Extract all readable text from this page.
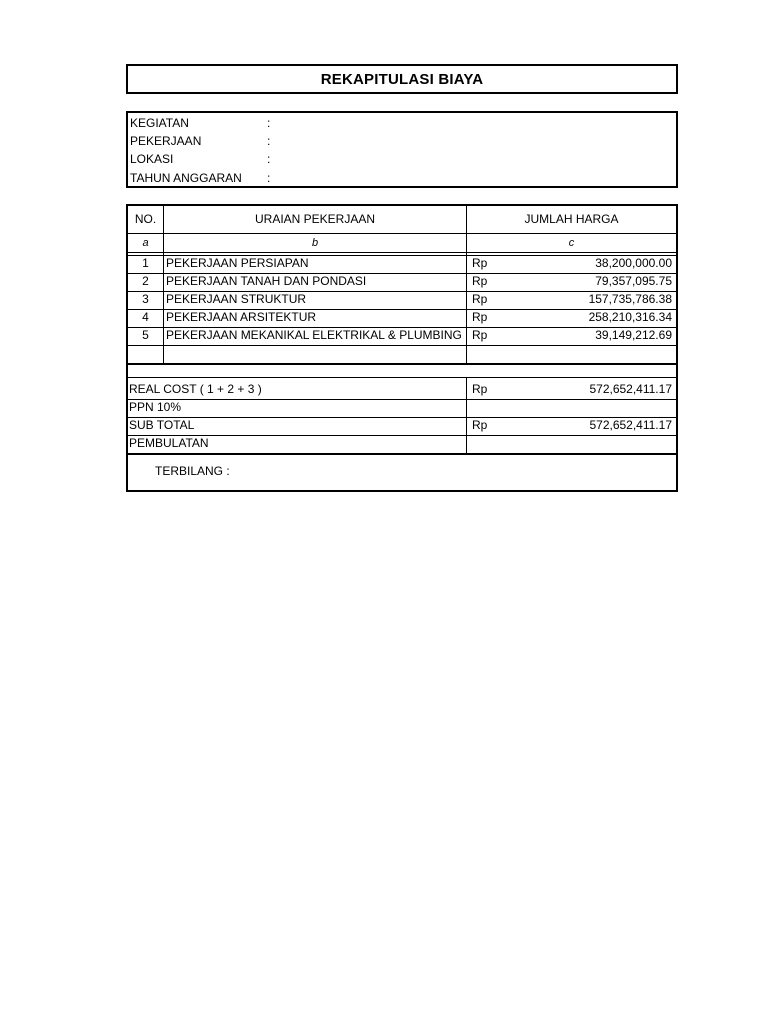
REKAPITULASI BIAYA
KEGIATAN	:
PEKERJAAN	:
LOKASI	:
TAHUN ANGGARAN	:
NO.	URAIAN PEKERJAAN	JUMLAH HARGA
a	b	c
1	PEKERJAAN PERSIAPAN	Rp	38,200,000.00
2	PEKERJAAN TANAH DAN PONDASI	Rp	79,357,095.75
3	PEKERJAAN STRUKTUR	Rp	157,735,786.38
4	PEKERJAAN ARSITEKTUR	Rp	258,210,316.34
5	PEKERJAAN MEKANIKAL ELEKTRIKAL & PLUMBING Rp	39,149,212.69
REAL COST ( 1 + 2 + 3 )	Rp	572,652,411.17
PPN 10%
SUB TOTAL	Rp	572,652,411.17
PEMBULATAN
TERBILANG :
